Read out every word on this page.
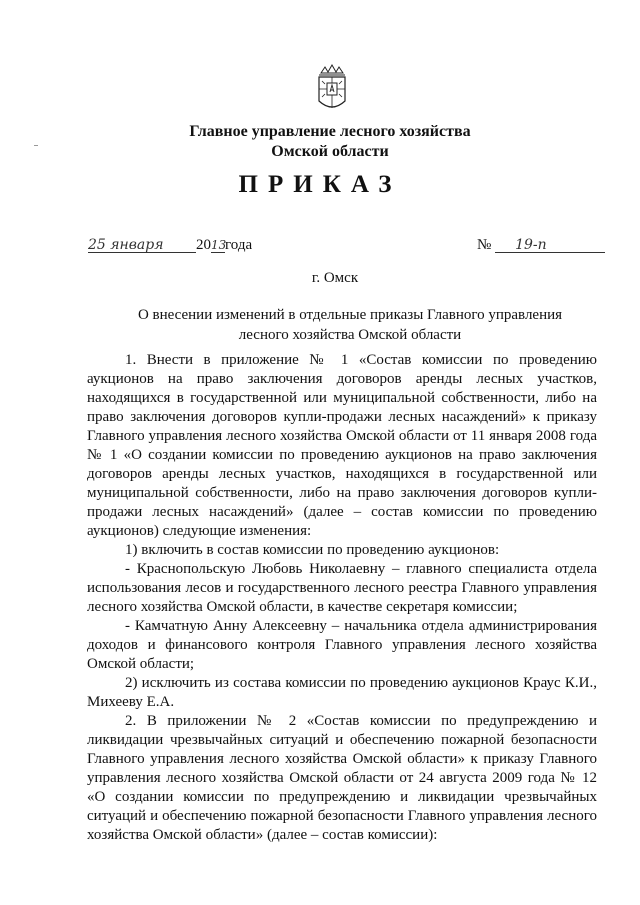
Главное управление лесного хозяйства
Омской области
ПРИКАЗ
25 января 2013года	№ 19-п
г. Омск
О внесении изменений в отдельные приказы Главного управления лесного хозяйства Омской области

1. Внести в приложение № 1 «Состав комиссии по проведению аукционов на право заключения договоров аренды лесных участков, находящихся в государственной или муниципальной собственности, либо на право заключения договоров купли-продажи лесных насаждений» к приказу Главного управления лесного хозяйства Омской области от 11 января 2008 года № 1 «О создании комиссии по проведению аукционов на право заключения договоров аренды лесных участков, находящихся в государственной или муниципальной собственности, либо на право заключения договоров купли-продажи лесных насаждений» (далее – состав комиссии по проведению аукционов) следующие изменения:

1) включить в состав комиссии по проведению аукционов:

- Краснопольскую Любовь Николаевну – главного специалиста отдела использования лесов и государственного лесного реестра Главного управления лесного хозяйства Омской области, в качестве секретаря комиссии;

- Камчатную Анну Алексеевну – начальника отдела администрирования доходов и финансового контроля Главного управления лесного хозяйства Омской области;

2) исключить из состава комиссии по проведению аукционов Краус К.И., Михееву Е.А.

2. В приложении № 2 «Состав комиссии по предупреждению и ликвидации чрезвычайных ситуаций и обеспечению пожарной безопасности Главного управления лесного хозяйства Омской области» к приказу Главного управления лесного хозяйства Омской области от 24 августа 2009 года № 12 «О создании комиссии по предупреждению и ликвидации чрезвычайных ситуаций и обеспечению пожарной безопасности Главного управления лесного хозяйства Омской области» (далее – состав комиссии):
